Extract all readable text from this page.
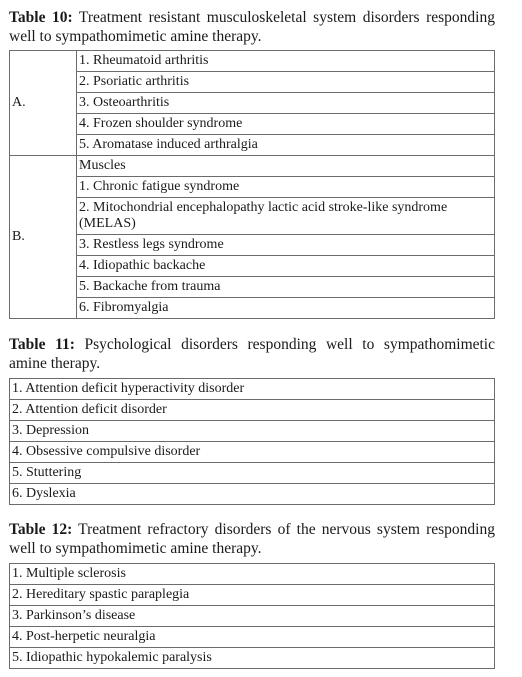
Table 10: Treatment resistant musculoskeletal system disorders responding well to sympathomimetic amine therapy.

A.	1. Rheumatoid arthritis
	2. Psoriatic arthritis
	3. Osteoarthritis
	4. Frozen shoulder syndrome
	5. Aromatase induced arthralgia
B.	Muscles
	1. Chronic fatigue syndrome
	2. Mitochondrial encephalopathy lactic acid stroke-like syndrome (MELAS)
	3. Restless legs syndrome
	4. Idiopathic backache
	5. Backache from trauma
	6. Fibromyalgia

Table 11: Psychological disorders responding well to sympathomimetic amine therapy.

1. Attention deficit hyperactivity disorder
2. Attention deficit disorder
3. Depression
4. Obsessive compulsive disorder
5. Stuttering
6. Dyslexia

Table 12: Treatment refractory disorders of the nervous system responding well to sympathomimetic amine therapy.

1. Multiple sclerosis
2. Hereditary spastic paraplegia
3. Parkinson’s disease
4. Post-herpetic neuralgia
5. Idiopathic hypokalemic paralysis
